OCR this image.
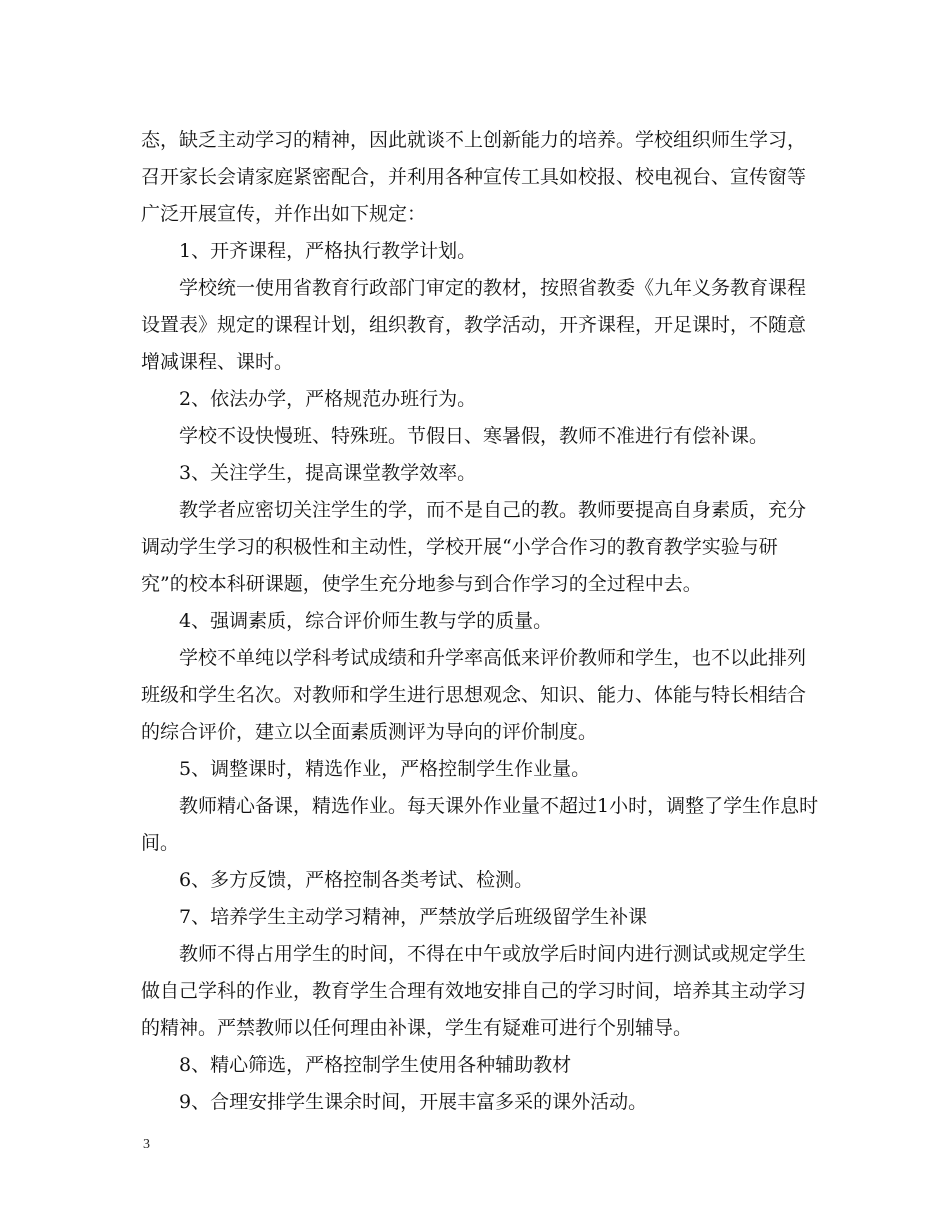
态，缺乏主动学习的精神，因此就谈不上创新能力的培养。学校组织师生学习，召开家长会请家庭紧密配合，并利用各种宣传工具如校报、校电视台、宣传窗等广泛开展宣传，并作出如下规定：

1、开齐课程，严格执行教学计划。

学校统一使用省教育行政部门审定的教材，按照省教委《九年义务教育课程设置表》规定的课程计划，组织教育，教学活动，开齐课程，开足课时，不随意增减课程、课时。

2、依法办学，严格规范办班行为。

学校不设快慢班、特殊班。节假日、寒暑假，教师不准进行有偿补课。

3、关注学生，提高课堂教学效率。

教学者应密切关注学生的学，而不是自己的教。教师要提高自身素质，充分调动学生学习的积极性和主动性，学校开展“小学合作习的教育教学实验与研究”的校本科研课题，使学生充分地参与到合作学习的全过程中去。

4、强调素质，综合评价师生教与学的质量。

学校不单纯以学科考试成绩和升学率高低来评价教师和学生，也不以此排列班级和学生名次。对教师和学生进行思想观念、知识、能力、体能与特长相结合的综合评价，建立以全面素质测评为导向的评价制度。

5、调整课时，精选作业，严格控制学生作业量。

教师精心备课，精选作业。每天课外作业量不超过1小时，调整了学生作息时间。

6、多方反馈，严格控制各类考试、检测。

7、培养学生主动学习精神，严禁放学后班级留学生补课

教师不得占用学生的时间，不得在中午或放学后时间内进行测试或规定学生做自己学科的作业，教育学生合理有效地安排自己的学习时间，培养其主动学习的精神。严禁教师以任何理由补课，学生有疑难可进行个别辅导。

8、精心筛选，严格控制学生使用各种辅助教材

9、合理安排学生课余时间，开展丰富多采的课外活动。

3
